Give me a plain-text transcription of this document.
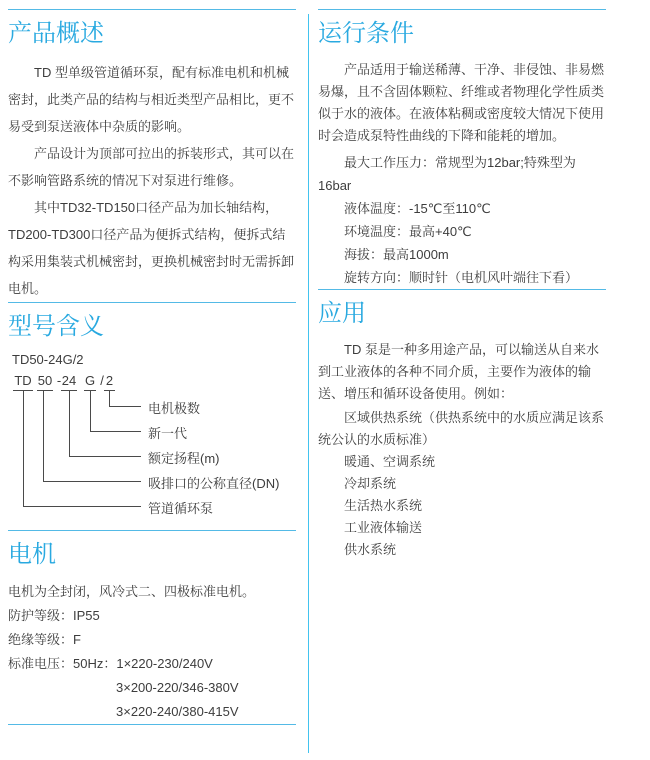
产品概述

TD 型单级管道循环泵，配有标准电机和机械密封，此类产品的结构与相近类型产品相比，更不易受到泵送液体中杂质的影响。

产品设计为顶部可拉出的拆装形式，其可以在不影响管路系统的情况下对泵进行维修。

其中TD32-TD150口径产品为加长轴结构，TD200-TD300口径产品为便拆式结构，便拆式结构采用集装式机械密封，更换机械密封时无需拆卸电机。

型号含义
TD50-24G/2
TD 50 - 24 G / 2
电机极数
新一代
额定扬程(m)
吸排口的公称直径(DN)
管道循环泵
电机

电机为全封闭，风冷式二、四极标准电机。

防护等级：IP55

绝缘等级：F

标准电压：50Hz：1×220-230/240V

3×200-220/346-380V

3×220-240/380-415V

运行条件

产品适用于输送稀薄、干净、非侵蚀、非易燃易爆，且不含固体颗粒、纤维或者物理化学性质类似于水的液体。在液体粘稠或密度较大情况下使用时会造成泵特性曲线的下降和能耗的增加。

最大工作压力：常规型为12bar;特殊型为16bar

液体温度：-15℃至110℃

环境温度：最高+40℃

海拔：最高1000m

旋转方向：顺时针（电机风叶端往下看）

应用

TD 泵是一种多用途产品，可以输送从自来水到工业液体的各种不同介质，主要作为液体的输送、增压和循环设备使用。例如：

区域供热系统（供热系统中的水质应满足该系统公认的水质标准）

暖通、空调系统

冷却系统

生活热水系统

工业液体输送

供水系统
